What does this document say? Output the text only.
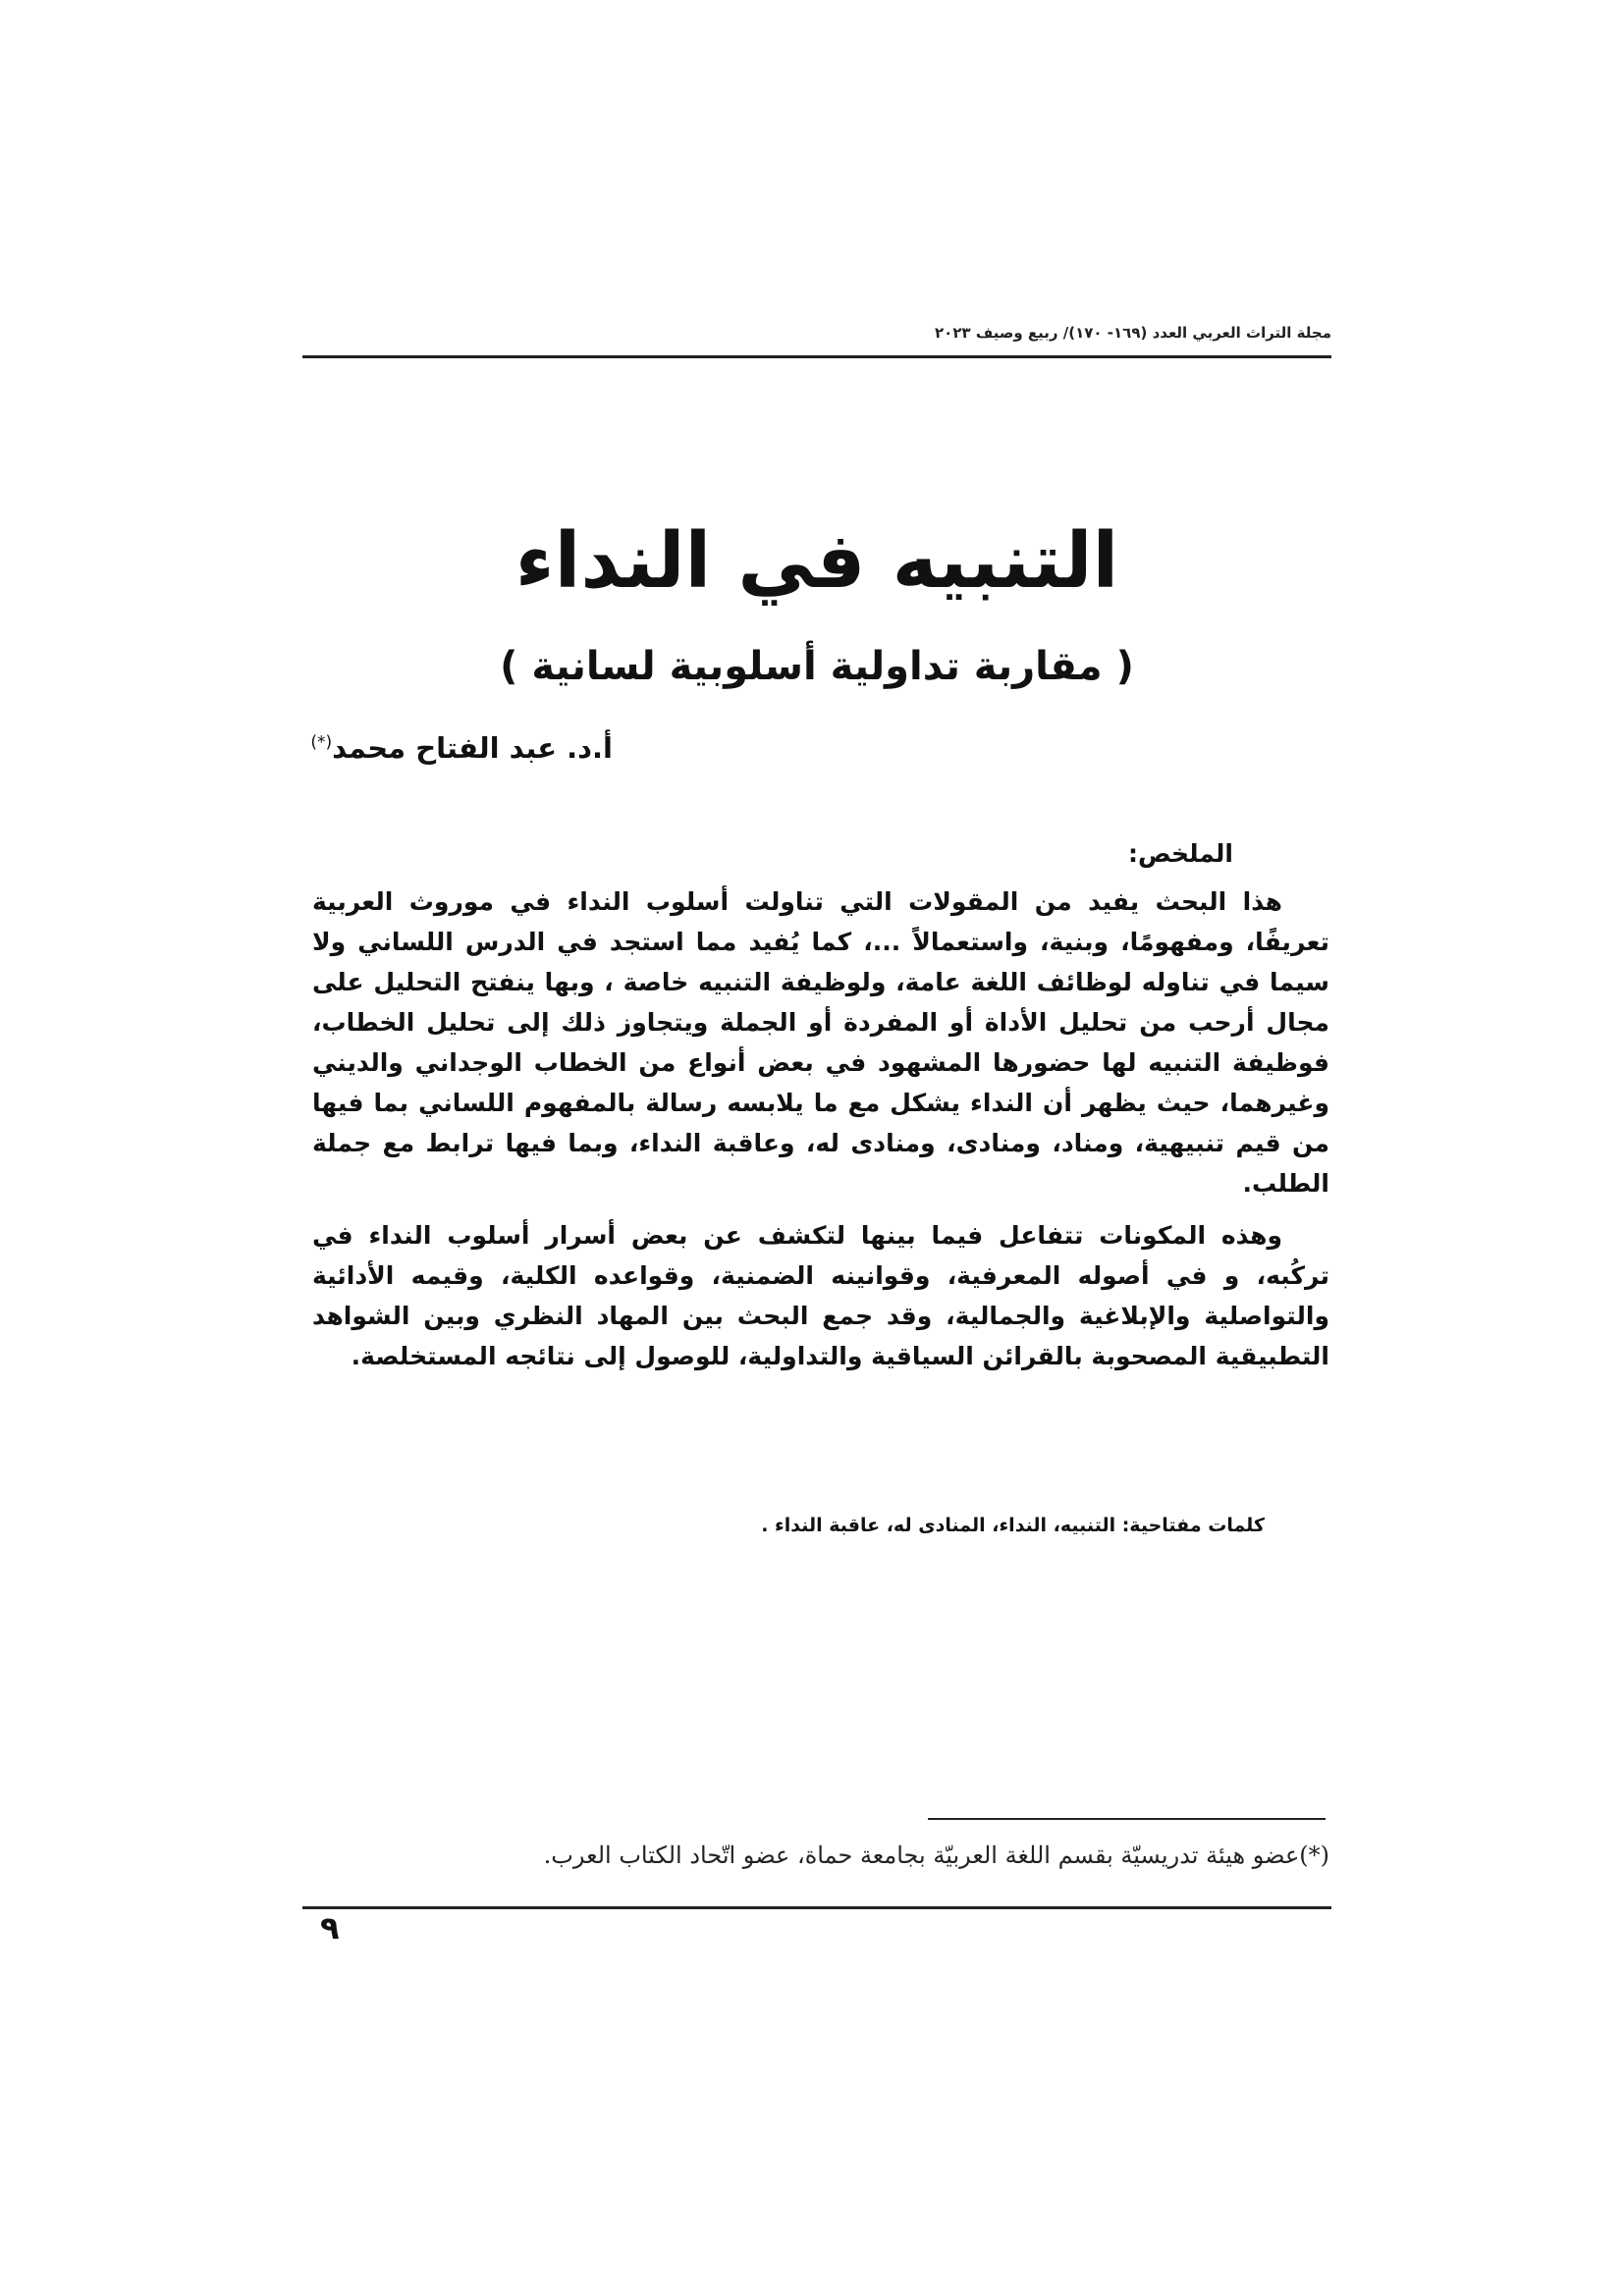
مجلة التراث العربي العدد (١٦٩- ١٧٠)/ ربيع وصيف ٢٠٢٣
التنبيه في النداء
( مقاربة تداولية أسلوبية لسانية )
أ.د. عبد الفتاح محمد(*)
الملخص:

هذا البحث يفيد من المقولات التي تناولت أسلوب النداء في موروث العربية تعريفًا، ومفهومًا، وبنية، واستعمالاً ...، كما يُفيد مما استجد في الدرس اللساني ولا سيما في تناوله لوظائف اللغة عامة، ولوظيفة التنبيه خاصة ، وبها ينفتح التحليل على مجال أرحب من تحليل الأداة أو المفردة أو الجملة ويتجاوز ذلك إلى تحليل الخطاب، فوظيفة التنبيه لها حضورها المشهود في بعض أنواع من الخطاب الوجداني والديني وغيرهما، حيث يظهر أن النداء يشكل مع ما يلابسه رسالة بالمفهوم اللساني بما فيها من قيم تنبيهية، ومناد، ومنادى، ومنادى له، وعاقبة النداء، وبما فيها ترابط مع جملة الطلب.

وهذه المكونات تتفاعل فيما بينها لتكشف عن بعض أسرار أسلوب النداء في تركُبه، و في أصوله المعرفية، وقوانينه الضمنية، وقواعده الكلية، وقيمه الأدائية والتواصلية والإبلاغية والجمالية، وقد جمع البحث بين المهاد النظري وبين الشواهد التطبيقية المصحوبة بالقرائن السياقية والتداولية، للوصول إلى نتائجه المستخلصة.

كلمات مفتاحية: التنبيه، النداء، المنادى له، عاقبة النداء .
(*)عضو هيئة تدريسيّة بقسم اللغة العربيّة بجامعة حماة، عضو اتّحاد الكتاب العرب.
٩
